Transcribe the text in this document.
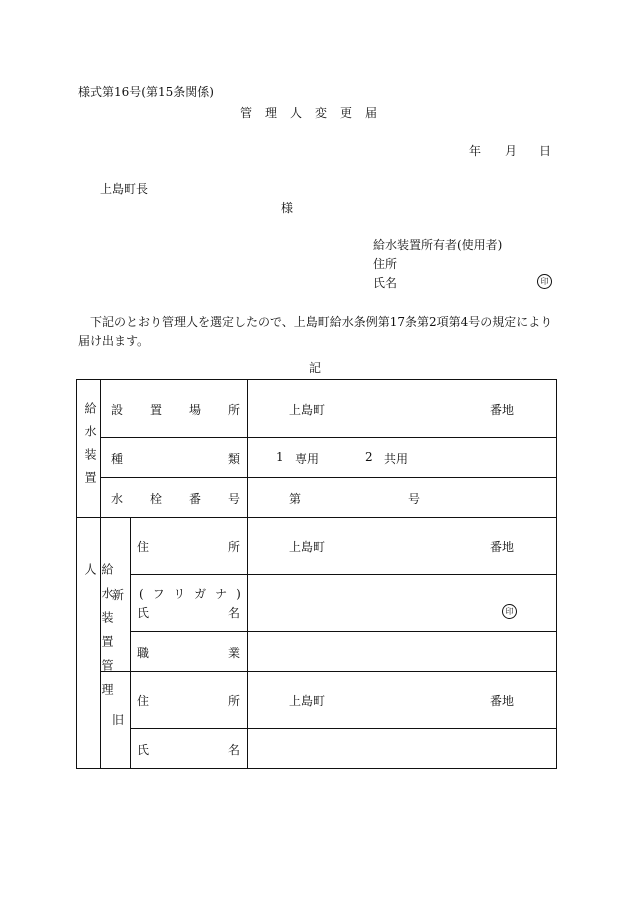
様式第16号(第15条関係)
管理人変更届
年 月 日
上島町長
様
給水装置所有者(使用者)
住所
氏名	印
下記のとおり管理人を選定したので、上島町給水条例第17条第2項第4号の規定により届け出ます。
記
給水装置 設 置 場 所	上島町	番地
種	類	1 専用	2 共用
水 栓 番 号	第	号
給水装置管理人
新
住	所	上島町	番地
(フリガナ)
氏	名	印
職	業
旧
住	所	上島町	番地
氏	名
